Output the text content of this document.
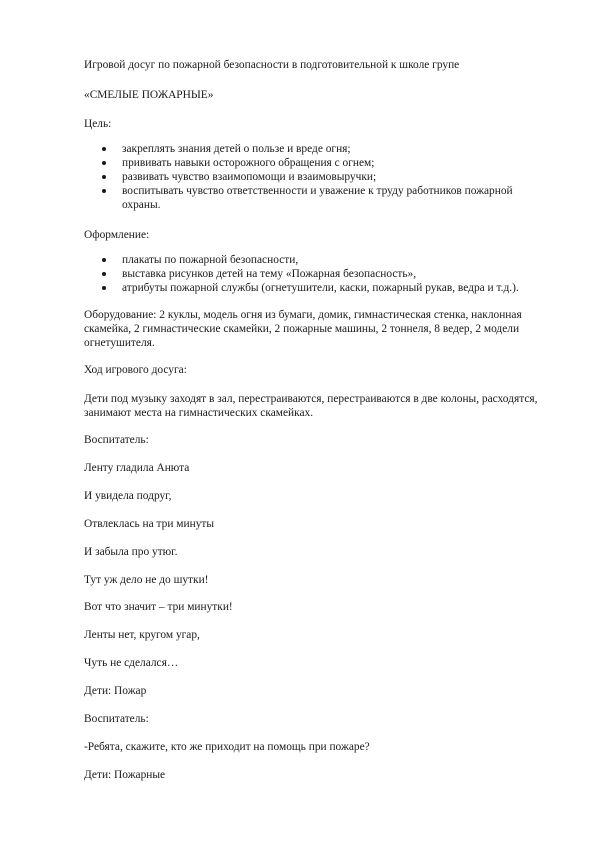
Игровой досуг по пожарной безопасности в подготовительной к школе групе

«СМЕЛЫЕ ПОЖАРНЫЕ»

Цель:

закреплять знания детей о пользе и вреде огня;
прививать навыки осторожного обращения с огнем;
развивать чувство взаимопомощи и взаимовыручки;
воспитывать чувство ответственности и уважение к труду работников пожарной охраны.

Оформление:

плакаты по пожарной безопасности,
выставка рисунков детей на тему «Пожарная безопасность»,
атрибуты пожарной службы (огнетушители, каски, пожарный рукав, ведра и т.д.).

Оборудование: 2 куклы, модель огня из бумаги, домик, гимнастическая стенка, наклонная скамейка, 2 гимнастические скамейки, 2 пожарные машины, 2 тоннеля, 8 ведер, 2 модели огнетушителя.

Ход игрового досуга:

Дети под музыку заходят в зал, перестраиваются, перестраиваются в две колоны, расходятся, занимают места на гимнастических скамейках.

Воспитатель:

Ленту гладила Анюта

И увидела подруг,

Отвлеклась на три минуты

И забыла про утюг.

Тут уж дело не до шутки!

Вот что значит – три минутки!

Ленты нет, кругом угар,

Чуть не сделался…

Дети: Пожар

Воспитатель:

-Ребята, скажите, кто же приходит на помощь при пожаре?

Дети: Пожарные
